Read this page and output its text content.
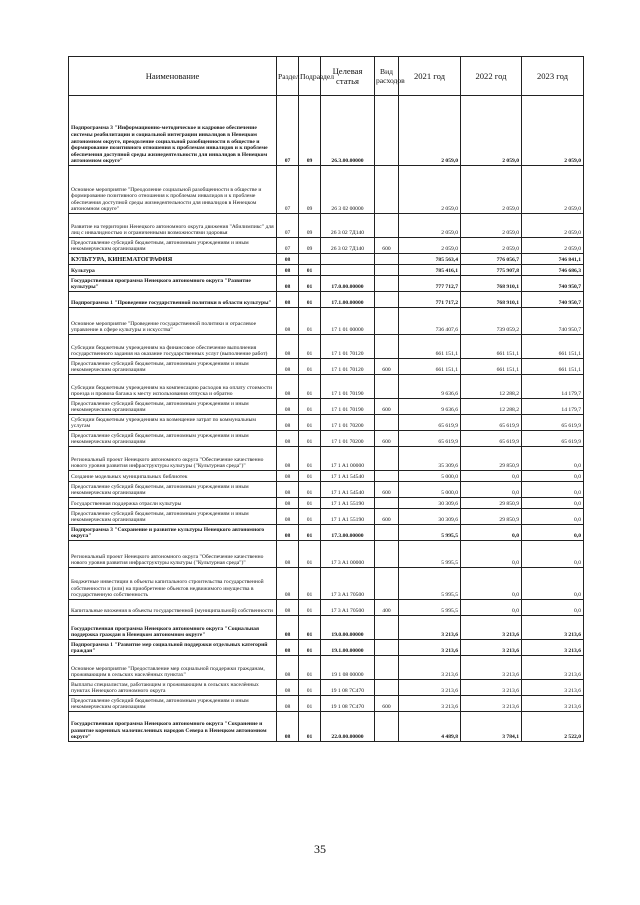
Наименование	Раздел	Подраздел	Целевая статья	Вид расходов	2021 год	2022 год	2023 год
Подпрограмма 3 "Информационно-методическое и кадровое обеспечение системы реабилитации и социальной интеграции инвалидов в Ненецком автономном округе, преодоление социальной разобщенности в обществе и формирование позитивного отношения к проблемам инвалидов и к проблеме обеспечения доступной среды жизнедеятельности для инвалидов в Ненецком автономном округе"	07	09	26.3.00.00000		2 059,0	2 059,0	2 059,0
Основное мероприятие "Преодоление социальной разобщенности в обществе и формирование позитивного отношения к проблемам инвалидов и к проблеме обеспечения доступной среды жизнедеятельности для инвалидов в Ненецком автономном округе"	07	09	26 3 02 00000		2 059,0	2 059,0	2 059,0
Развитие на территории Ненецкого автономного округа движения "Абилимпикс" для лиц с инвалидностью и ограниченными возможностями здоровья	07	09	26 3 02 7Д140		2 059,0	2 059,0	2 059,0
Предоставление субсидий бюджетным, автономным учреждениям и иным некоммерческим организациям	07	09	26 3 02 7Д140	600	2 059,0	2 059,0	2 059,0
КУЛЬТУРА, КИНЕМАТОГРАФИЯ	08				785 563,4	776 056,7	746 841,1
Культура	08	01			785 416,1	775 907,8	746 686,3
Государственная программа Ненецкого автономного округа "Развитие культуры"	08	01	17.0.00.00000		777 712,7	768 910,1	740 950,7
Подпрограмма 1 "Проведение государственной политики в области культуры"	08	01	17.1.00.00000		771 717,2	768 910,1	740 950,7
Основное мероприятие "Проведение государственной политики и отраслевое управление в сфере культуры и искусства"	08	01	17 1 01 00000		736 407,6	739 059,2	740 950,7
Субсидии бюджетным учреждениям на финансовое обеспечение выполнения государственного задания на оказание государственных услуг (выполнение работ)	08	01	17 1 01 70120		661 151,1	661 151,1	661 151,1
Предоставление субсидий бюджетным, автономным учреждениям и иным некоммерческим организациям	08	01	17 1 01 70120	600	661 151,1	661 151,1	661 151,1
Субсидии бюджетным учреждениям на компенсацию расходов на оплату стоимости проезда и провоза багажа к месту использования отпуска и обратно	08	01	17 1 01 70190		9 636,6	12 288,2	14 179,7
Предоставление субсидий бюджетным, автономным учреждениям и иным некоммерческим организациям	08	01	17 1 01 70190	600	9 636,6	12 288,2	14 179,7
Субсидии бюджетным учреждениям на возмещение затрат по коммунальным услугам	08	01	17 1 01 70200		65 619,9	65 619,9	65 619,9
Предоставление субсидий бюджетным, автономным учреждениям и иным некоммерческим организациям	08	01	17 1 01 70200	600	65 619,9	65 619,9	65 619,9
Региональный проект Ненецкого автономного округа "Обеспечение качественно нового уровня развития инфраструктуры культуры ("Культурная среда")"	08	01	17 1 A1 00000		35 309,6	29 850,9	0,0
Создание модельных муниципальных библиотек	08	01	17 1 A1 54540		5 000,0	0,0	0,0
Предоставление субсидий бюджетным, автономным учреждениям и иным некоммерческим организациям	08	01	17 1 A1 54540	600	5 000,0	0,0	0,0
Государственная поддержка отрасли культуры	08	01	17 1 A1 55190		30 309,6	29 850,9	0,0
Предоставление субсидий бюджетным, автономным учреждениям и иным некоммерческим организациям	08	01	17 1 A1 55190	600	30 309,6	29 850,9	0,0
Подпрограмма 3 "Сохранение и развитие культуры Ненецкого автономного округа"	08	01	17.3.00.00000		5 995,5	0,0	0,0
Региональный проект Ненецкого автономного округа "Обеспечение качественно нового уровня развития инфраструктуры культуры ("Культурная среда")"	08	01	17 3 A1 00000		5 995,5	0,0	0,0
Бюджетные инвестиции в объекты капитального строительства государственной собственности и (или) на приобретение объектов недвижимого имущества в государственную собственность	08	01	17 3 A1 70500		5 995,5	0,0	0,0
Капитальные вложения в объекты государственной (муниципальной) собственности	08	01	17 3 A1 70500	400	5 995,5	0,0	0,0
Государственная программа Ненецкого автономного округа "Социальная поддержка граждан в Ненецком автономном округе"	08	01	19.0.00.00000		3 213,6	3 213,6	3 213,6
Подпрограмма 1 "Развитие мер социальной поддержки отдельных категорий граждан"	08	01	19.1.00.00000		3 213,6	3 213,6	3 213,6
Основное мероприятие "Предоставление мер социальной поддержки гражданам, проживающим в сельских населённых пунктах"	08	01	19 1 08 00000		3 213,6	3 213,6	3 213,6
Выплаты специалистам, работающим и проживающим в сельских населённых пунктах Ненецкого автономного округа	08	01	19 1 08 7C470		3 213,6	3 213,6	3 213,6
Предоставление субсидий бюджетным, автономным учреждениям и иным некоммерческим организациям	08	01	19 1 08 7C470	600	3 213,6	3 213,6	3 213,6
Государственная программа Ненецкого автономного округа "Сохранение и развитие коренных малочисленных народов Севера в Ненецком автономном округе"	08	01	22.0.00.00000		4 489,8	3 784,1	2 522,0
35
